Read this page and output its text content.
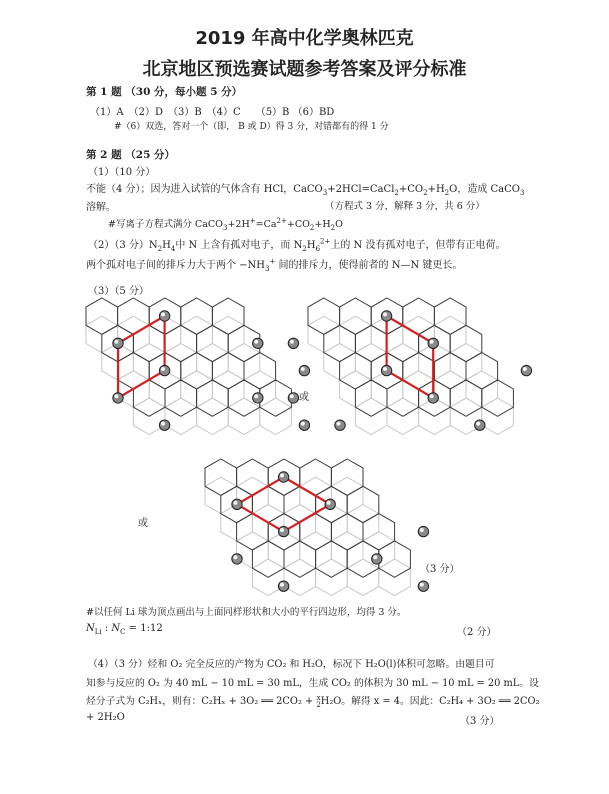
2019 年高中化学奥林匹克
北京地区预选赛试题参考答案及评分标准
第 1 题 （30 分，每小题 5 分）
（1）A　（2）D　（3）B　（4）C　　（5）B （6）BD
#（6）双选，答对一个（即， B 或 D）得 3 分，对错都有的得 1 分
第 2 题 （25 分）
（1）（10 分）
不能（4 分）；因为进入试管的气体含有 HCl，$CaCO_3+2HCl=CaCl_2+CO_2+H_2O$，造成 CaCO$_3$
溶解。	（方程式 3 分，解释 3 分，共 6 分）
#写离子方程式满分 $CaCO_3+2H^+=Ca^{2+}+CO_2+H_2O$
（2）（3 分）$N_2H_4$中 N 上含有孤对电子，而 $N_2H_6^{2+}$上的 N 没有孤对电子，但带有正电荷。
两个孤对电子间的排斥力大于两个 $-NH_3^+$ 间的排斥力，使得前者的 N—N 键更长。
（3）（5 分）
或
或
（3 分）
#以任何 Li 球为顶点画出与上面同样形状和大小的平行四边形，均得 3 分。
$N_{Li}$ : $N_C$ = 1:12	（2 分）
（4）（3 分）烃和 O₂ 完全反应的产物为 CO₂ 和 H₂O，标况下 H₂O(l)体积可忽略。由题目可
知参与反应的 O₂ 为 40 mL − 10 mL = 30 mL，生成 CO₂ 的体积为 30 mL − 10 mL = 20 mL。设
烃分子式为 C₂Hₓ，则有：C₂Hₓ + 3O₂ ══ 2CO₂ + x
2 H₂O。解得 x = 4。因此：C₂H₄ + 3O₂ ══ 2CO₂
+ 2H₂O	（3 分）
